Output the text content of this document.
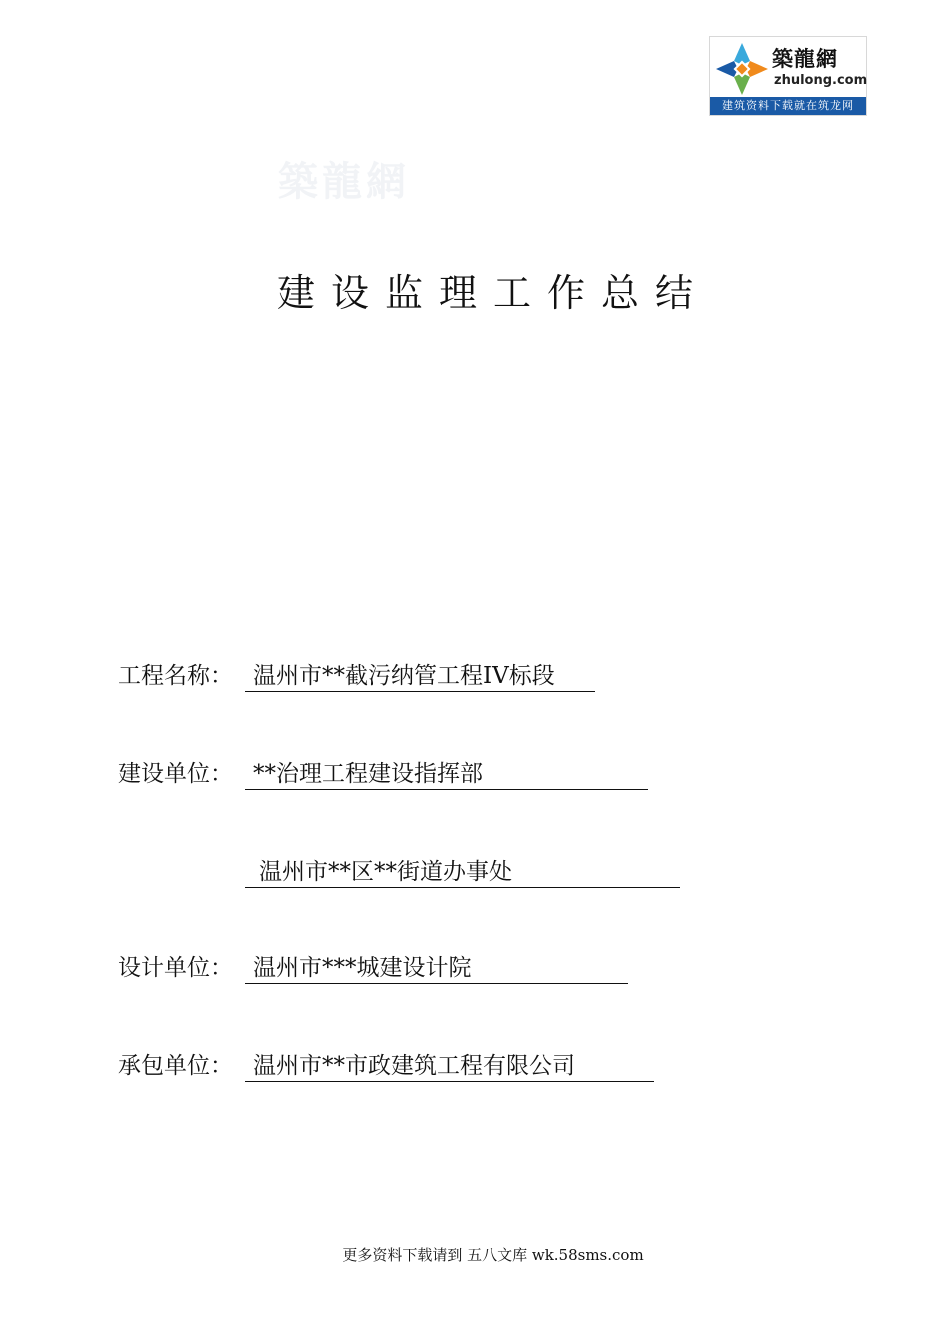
築龍網
zhulong.com
建筑资料下载就在筑龙网
築龍網
建设监理工作总结
工程名称： 温州市**截污纳管工程IV标段
建设单位： **治理工程建设指挥部
温州市**区**街道办事处
设计单位： 温州市***城建设计院
承包单位： 温州市**市政建筑工程有限公司
更多资料下载请到 五八文库 wk.58sms.com
